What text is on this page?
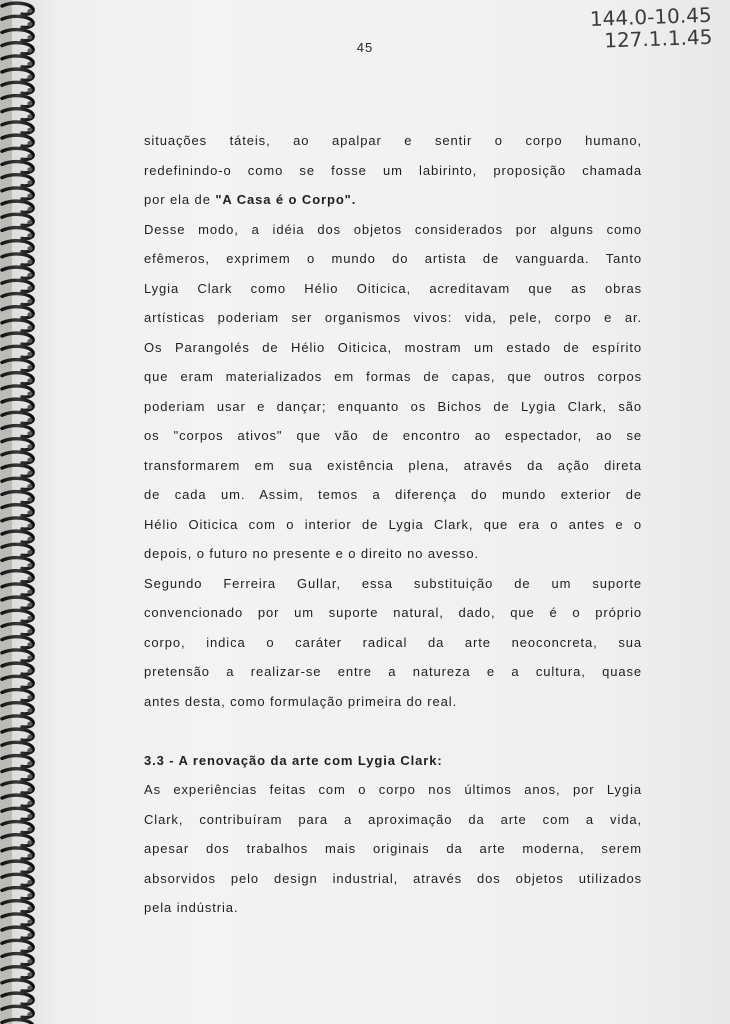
144.0-10.45
127.1.1.45
45
situações táteis, ao apalpar e sentir o corpo humano,
redefinindo-o como se fosse um labirinto, proposição chamada
por ela de "A Casa é o Corpo".
Desse modo, a idéia dos objetos considerados por alguns como
efêmeros, exprimem o mundo do artista de vanguarda. Tanto
Lygia Clark como Hélio Oiticica, acreditavam que as obras
artísticas poderiam ser organismos vivos: vida, pele, corpo e ar.
Os Parangolés de Hélio Oiticica, mostram um estado de espírito
que eram materializados em formas de capas, que outros corpos
poderiam usar e dançar; enquanto os Bichos de Lygia Clark, são
os "corpos ativos" que vão de encontro ao espectador, ao se
transformarem em sua existência plena, através da ação direta
de cada um. Assim, temos a diferença do mundo exterior de
Hélio Oiticica com o interior de Lygia Clark, que era o antes e o
depois, o futuro no presente e o direito no avesso.
Segundo Ferreira Gullar, essa substituição de um suporte
convencionado por um suporte natural, dado, que é o próprio
corpo, indica o caráter radical da arte neoconcreta, sua
pretensão a realizar-se entre a natureza e a cultura, quase
antes desta, como formulação primeira do real.
3.3 - A renovação da arte com Lygia Clark:
As experiências feitas com o corpo nos últimos anos, por Lygia
Clark, contribuíram para a aproximação da arte com a vida,
apesar dos trabalhos mais originais da arte moderna, serem
absorvidos pelo design industrial, através dos objetos utilizados
pela indústria.
